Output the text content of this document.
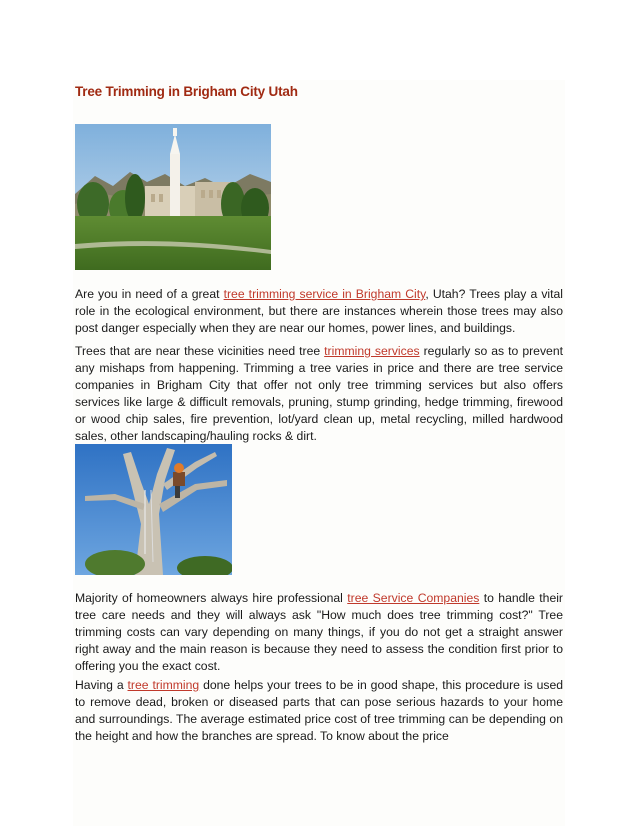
Tree Trimming in Brigham City Utah

Are you in need of a great tree trimming service in Brigham City, Utah? Trees play a vital role in the ecological environment, but there are instances wherein those trees may also post danger especially when they are near our homes, power lines, and buildings.

Trees that are near these vicinities need tree trimming services regularly so as to prevent any mishaps from happening. Trimming a tree varies in price and there are tree service companies in Brigham City that offer not only tree trimming services but also offers services like large & difficult removals, pruning, stump grinding, hedge trimming, firewood or wood chip sales, fire prevention, lot/yard clean up, metal recycling, milled hardwood sales, other landscaping/hauling rocks & dirt.

Majority of homeowners always hire professional tree Service Companies to handle their tree care needs and they will always ask "How much does tree trimming cost?" Tree trimming costs can vary depending on many things, if you do not get a straight answer right away and the main reason is because they need to assess the condition first prior to offering you the exact cost.

Having a tree trimming done helps your trees to be in good shape, this procedure is used to remove dead, broken or diseased parts that can pose serious hazards to your home and surroundings. The average estimated price cost of tree trimming can be depending on the height and how the branches are spread. To know about the price
